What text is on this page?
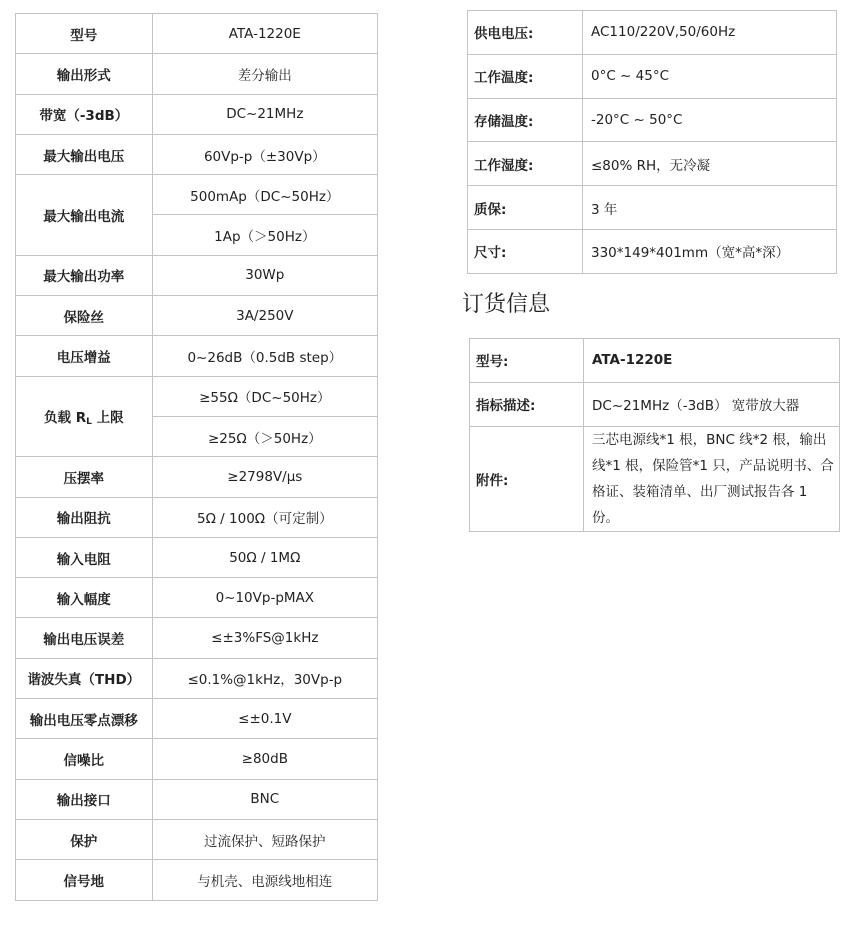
型号	ATA-1220E
输出形式	差分输出
带宽（-3dB）	DC~21MHz
最大输出电压	60Vp-p（±30Vp）
最大输出电流	500mAp（DC~50Hz）
	1Ap（＞50Hz）
最大输出功率	30Wp
保险丝	3A/250V
电压增益	0~26dB（0.5dB step）
负载 $R_L$ 上限	≥55Ω（DC~50Hz）
	≥25Ω（＞50Hz）
压摆率	≥2798V/μs
输出阻抗	5Ω / 100Ω（可定制）
输入电阻	50Ω / 1MΩ
输入幅度	0~10Vp-pMAX
输出电压误差	≤±3%FS@1kHz
谐波失真（THD）	≤0.1%@1kHz，30Vp-p
输出电压零点漂移	≤±0.1V
信噪比	≥80dB
输出接口	BNC
保护	过流保护、短路保护
信号地	与机壳、电源线地相连
供电电压:	AC110/220V,50/60Hz
工作温度:	0°C ~ 45°C
存储温度:	-20°C ~ 50°C
工作湿度:	≤80% RH，无冷凝
质保:	3 年
尺寸:	330*149*401mm（宽*高*深）
订货信息
型号:	ATA-1220E
指标描述:	DC~21MHz（-3dB） 宽带放大器
附件:	三芯电源线*1 根，BNC 线*2 根，输出线*1 根，保险管*1 只，产品说明书、合格证、装箱清单、出厂测试报告各 1 份。
